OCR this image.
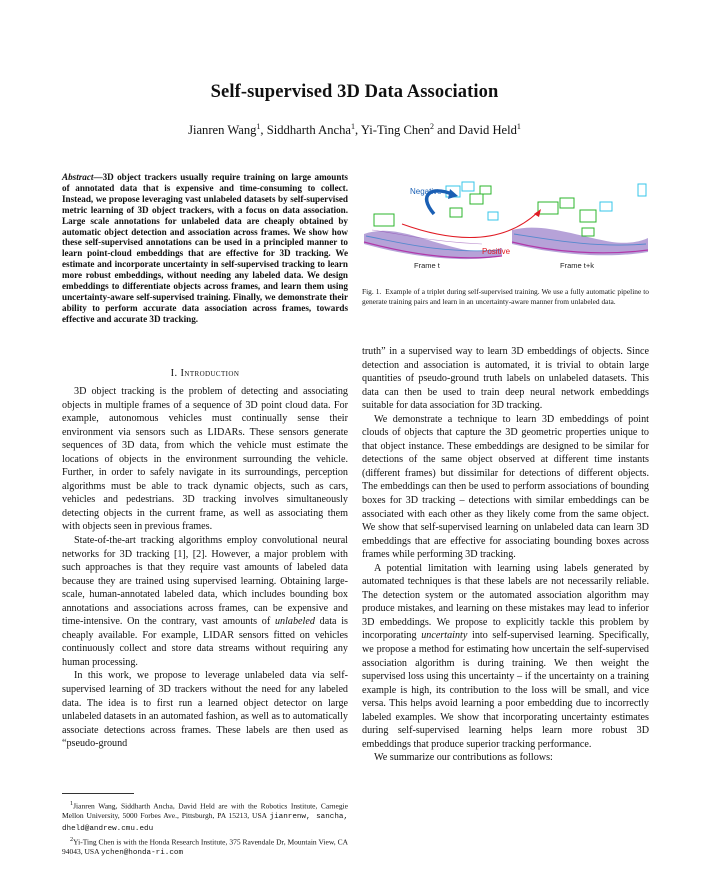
Self-supervised 3D Data Association
Jianren Wang$^1$, Siddharth Ancha$^1$, Yi-Ting Chen$^2$ and David Held$^1$
Abstract—3D object trackers usually require training on large amounts of annotated data that is expensive and time-consuming to collect. Instead, we propose leveraging vast unlabeled datasets by self-supervised metric learning of 3D object trackers, with a focus on data association. Large scale annotations for unlabeled data are cheaply obtained by automatic object detection and association across frames. We show how these self-supervised annotations can be used in a principled manner to learn point-cloud embeddings that are effective for 3D tracking. We estimate and incorporate uncertainty in self-supervised tracking to learn more robust embeddings, without needing any labeled data. We design embeddings to differentiate objects across frames, and learn them using uncertainty-aware self-supervised training. Finally, we demonstrate their ability to perform accurate data association across frames, towards effective and accurate 3D tracking.
I. Introduction

3D object tracking is the problem of detecting and associating objects in multiple frames of a sequence of 3D point cloud data. For example, autonomous vehicles must continually sense their environment via sensors such as LIDARs. These sensors generate sequences of 3D data, from which the vehicle must estimate the locations of objects in the environment surrounding the vehicle. Further, in order to safely navigate in its surroundings, perception algorithms must be able to track dynamic objects, such as cars, vehicles and pedestrians. 3D tracking involves simultaneously detecting objects in the current frame, as well as associating them with objects seen in previous frames.

State-of-the-art tracking algorithms employ convolutional neural networks for 3D tracking [1], [2]. However, a major problem with such approaches is that they require vast amounts of labeled data because they are trained using supervised learning. Obtaining large-scale, human-annotated labeled data, which includes bounding box annotations and associations across frames, can be expensive and time-intensive. On the contrary, vast amounts of unlabeled data is cheaply available. For example, LIDAR sensors fitted on vehicles continuously collect and store data streams without requiring any human processing.

In this work, we propose to leverage unlabeled data via self-supervised learning of 3D trackers without the need for any labeled data. The idea is to first run a learned object detector on large unlabeled datasets in an automated fashion, as well as to automatically associate detections across frames. These labels are then used as “pseudo-ground

$^1$Jianren Wang, Siddharth Ancha, David Held are with the Robotics Institute, Carnegie Mellon University, 5000 Forbes Ave., Pittsburgh, PA 15213, USA jianrenw, sancha, dheld@andrew.cmu.edu

$^2$Yi-Ting Chen is with the Honda Research Institute, 375 Ravendale Dr, Mountain View, CA 94043, USA ychen@honda-ri.com

Negative
Positive
Frame t	Frame t+k
Fig. 1. Example of a triplet during self-supervised training. We use a fully automatic pipeline to generate training pairs and learn in an uncertainty-aware manner from unlabeled data.

truth” in a supervised way to learn 3D embeddings of objects. Since detection and association is automated, it is trivial to obtain large quantities of pseudo-ground truth labels on unlabeled datasets. This data can then be used to train deep neural network embeddings suitable for data association for 3D tracking.

We demonstrate a technique to learn 3D embeddings of point clouds of objects that capture the 3D geometric properties unique to that object instance. These embeddings are designed to be similar for detections of the same object observed at different time instants (different frames) but dissimilar for detections of different objects. The embeddings can then be used to perform associations of bounding boxes for 3D tracking – detections with similar embeddings can be associated with each other as they likely come from the same object. We show that self-supervised learning on unlabeled data can learn 3D embeddings that are effective for associating bounding boxes across frames while performing 3D tracking.

A potential limitation with learning using labels generated by automated techniques is that these labels are not necessarily reliable. The detection system or the automated association algorithm may produce mistakes, and learning on these mistakes may lead to inferior 3D embeddings. We propose to explicitly tackle this problem by incorporating uncertainty into self-supervised learning. Specifically, we propose a method for estimating how uncertain the self-supervised association algorithm is during training. We then weight the supervised loss using this uncertainty – if the uncertainty on a training example is high, its contribution to the loss will be small, and vice versa. This helps avoid learning a poor embedding due to incorrectly labeled examples. We show that incorporating uncertainty estimates during self-supervised learning helps learn more robust 3D embeddings that produce superior tracking performance.

We summarize our contributions as follows:
